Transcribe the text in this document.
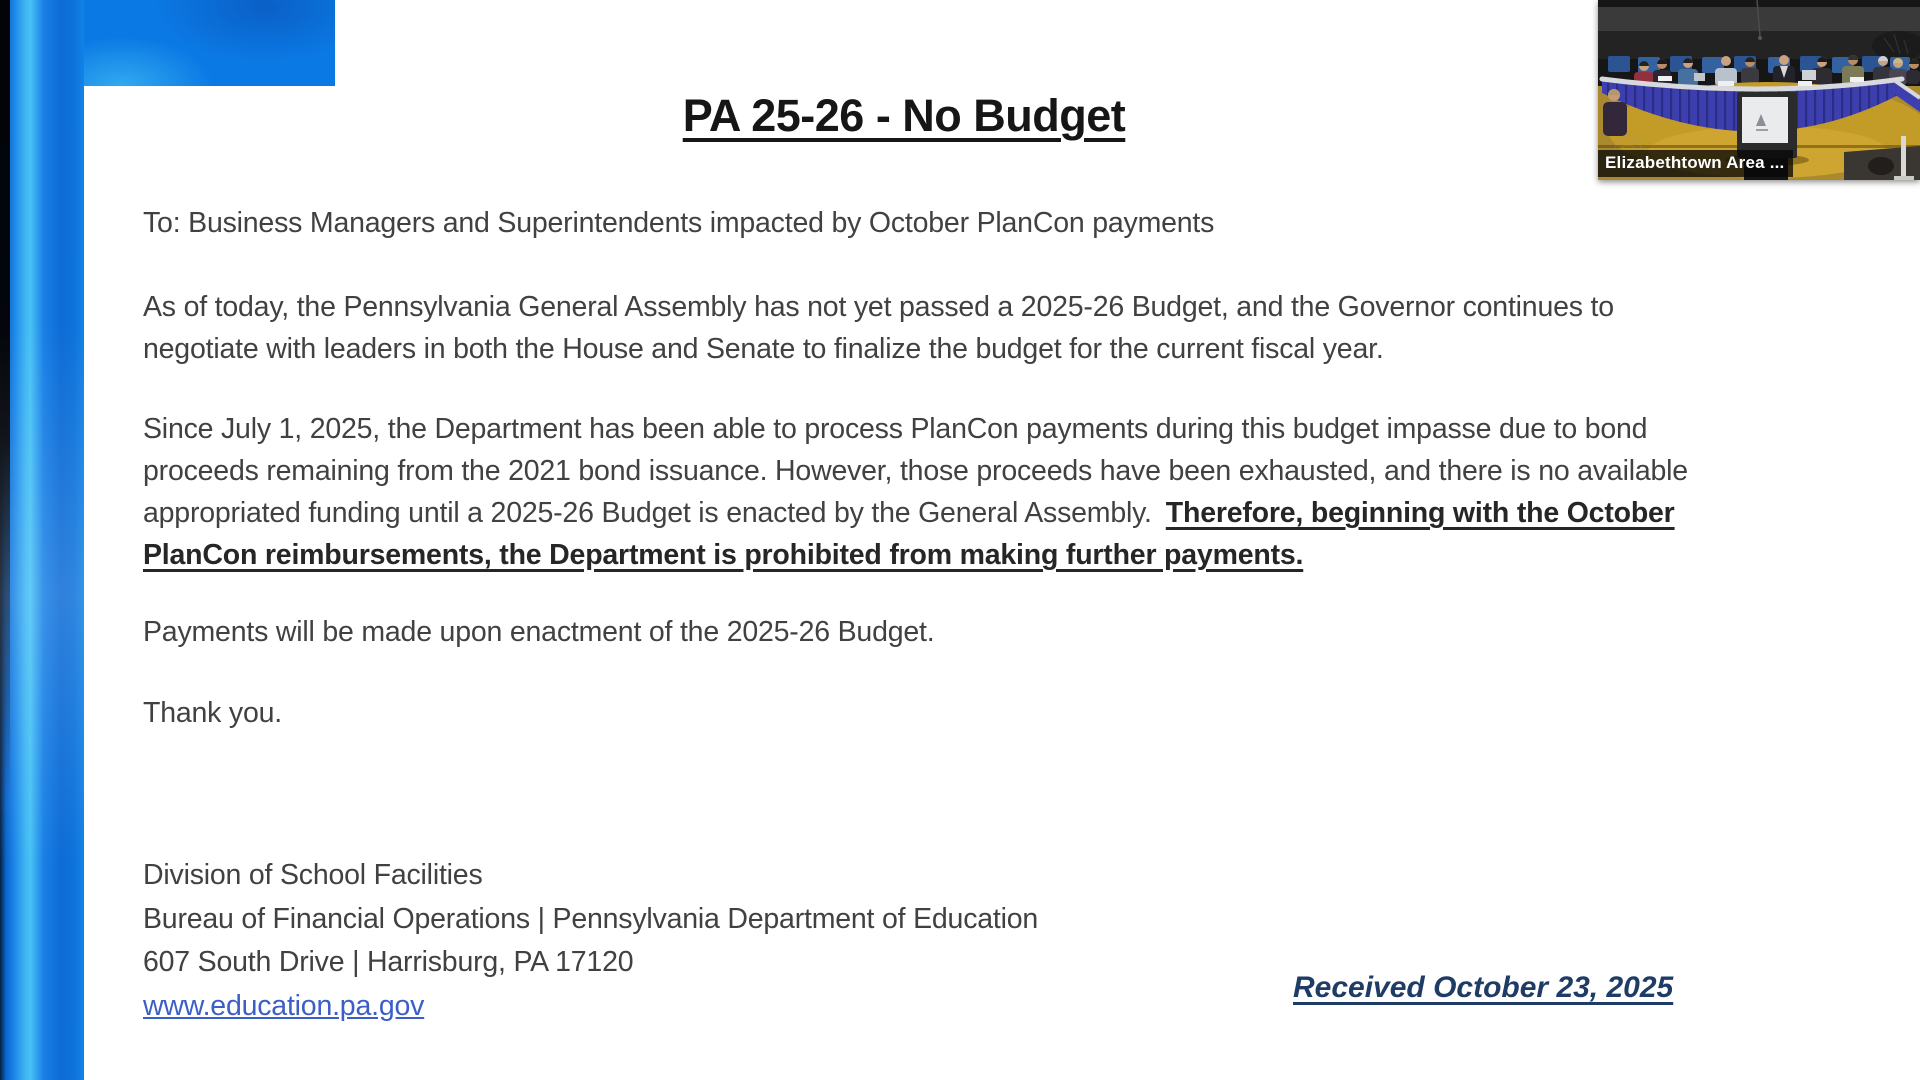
PA 25-26 - No Budget
To: Business Managers and Superintendents impacted by October PlanCon payments
As of today, the Pennsylvania General Assembly has not yet passed a 2025-26 Budget, and the Governor continues to
negotiate with leaders in both the House and Senate to finalize the budget for the current fiscal year.
Since July 1, 2025, the Department has been able to process PlanCon payments during this budget impasse due to bond
proceeds remaining from the 2021 bond issuance. However, those proceeds have been exhausted, and there is no available
appropriated funding until a 2025-26 Budget is enacted by the General Assembly. Therefore, beginning with the October
PlanCon reimbursements, the Department is prohibited from making further payments.
Payments will be made upon enactment of the 2025-26 Budget.
Thank you.
Division of School Facilities
Bureau of Financial Operations | Pennsylvania Department of Education
607 South Drive | Harrisburg, PA 17120
www.education.pa.gov
Received October 23, 2025
Elizabethtown Area ...
